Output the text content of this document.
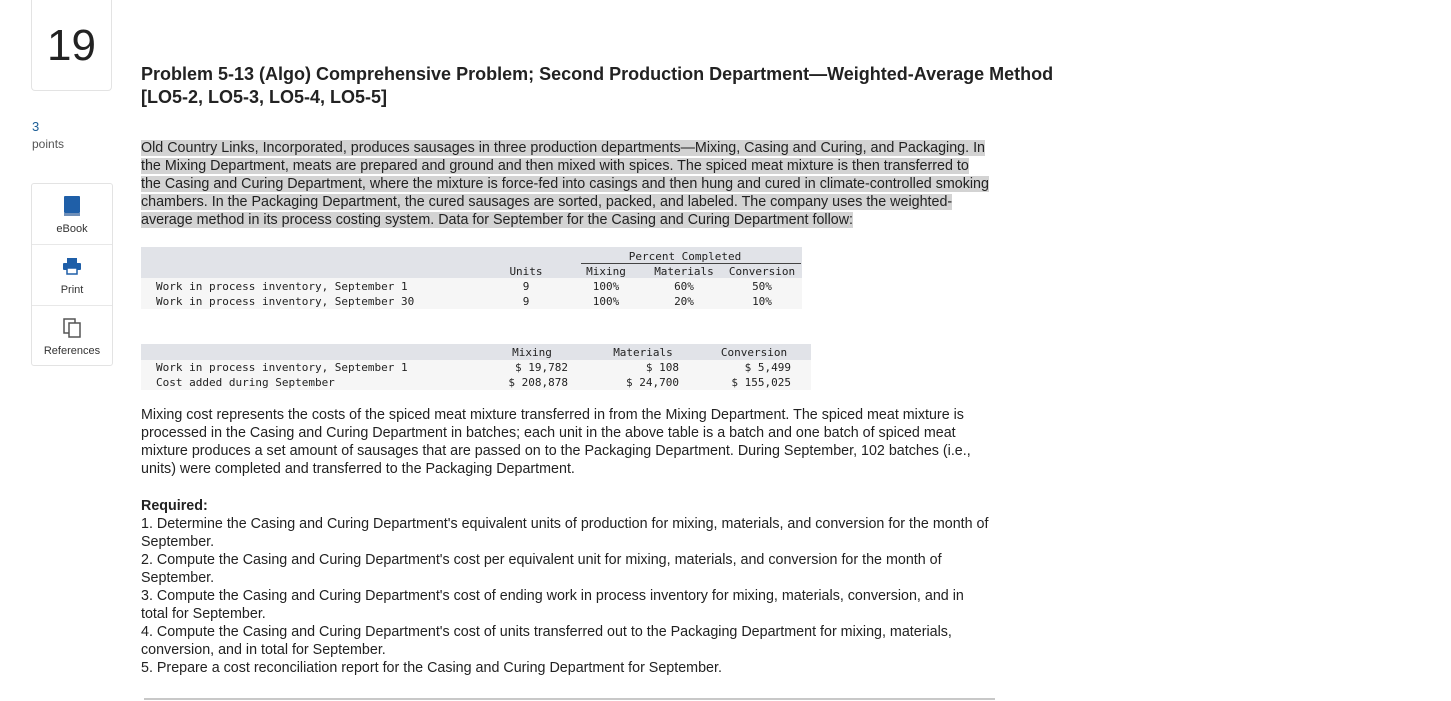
19
3
points
eBook
Print
References
Problem 5-13 (Algo) Comprehensive Problem; Second Production Department—Weighted-Average Method [LO5-2, LO5-3, LO5-4, LO5-5]

Old Country Links, Incorporated, produces sausages in three production departments—Mixing, Casing and Curing, and Packaging. In

the Mixing Department, meats are prepared and ground and then mixed with spices. The spiced meat mixture is then transferred to

the Casing and Curing Department, where the mixture is force-fed into casings and then hung and cured in climate-controlled smoking

chambers. In the Packaging Department, the cured sausages are sorted, packed, and labeled. The company uses the weighted-

average method in its process costing system. Data for September for the Casing and Curing Department follow:

Percent Completed
Units	Mixing	Materials	Conversion
Work in process inventory, September 1	9	100%	60%	50%
Work in process inventory, September 30	9	100%	20%	10%
Mixing	Materials	Conversion
Work in process inventory, September 1	$ 19,782	$ 108	$ 5,499
Cost added during September	$ 208,878	$ 24,700	$ 155,025

Mixing cost represents the costs of the spiced meat mixture transferred in from the Mixing Department. The spiced meat mixture is

processed in the Casing and Curing Department in batches; each unit in the above table is a batch and one batch of spiced meat

mixture produces a set amount of sausages that are passed on to the Packaging Department. During September, 102 batches (i.e.,

units) were completed and transferred to the Packaging Department.

Required:

1. Determine the Casing and Curing Department's equivalent units of production for mixing, materials, and conversion for the month of

September.

2. Compute the Casing and Curing Department's cost per equivalent unit for mixing, materials, and conversion for the month of

September.

3. Compute the Casing and Curing Department's cost of ending work in process inventory for mixing, materials, conversion, and in

total for September.

4. Compute the Casing and Curing Department's cost of units transferred out to the Packaging Department for mixing, materials,

conversion, and in total for September.

5. Prepare a cost reconciliation report for the Casing and Curing Department for September.
